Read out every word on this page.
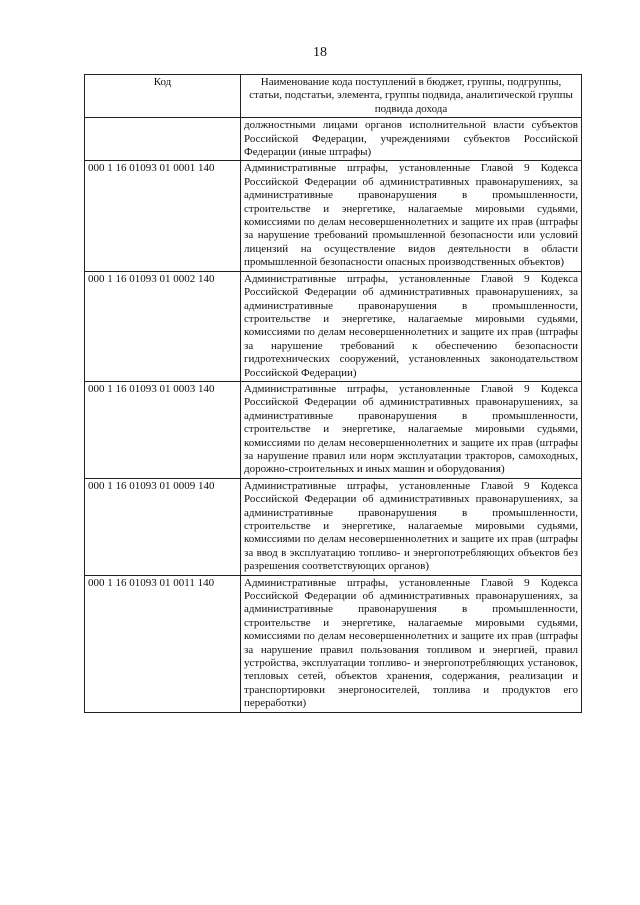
18
Код	Наименование кода поступлений в бюджет, группы, подгруппы, статьи, подстатьи, элемента, группы подвида, аналитической группы подвида дохода
	должностными лицами органов исполнительной власти субъектов Российской Федерации, учреждениями субъектов Российской Федерации (иные штрафы)
000 1 16 01093 01 0001 140	Административные штрафы, установленные Главой 9 Кодекса Российской Федерации об административных правонарушениях, за административные правонарушения в промышленности, строительстве и энергетике, налагаемые мировыми судьями, комиссиями по делам несовершеннолетних и защите их прав (штрафы за нарушение требований промышленной безопасности или условий лицензий на осуществление видов деятельности в области промышленной безопасности опасных производственных объектов)
000 1 16 01093 01 0002 140	Административные штрафы, установленные Главой 9 Кодекса Российской Федерации об административных правонарушениях, за административные правонарушения в промышленности, строительстве и энергетике, налагаемые мировыми судьями, комиссиями по делам несовершеннолетних и защите их прав (штрафы за нарушение требований к обеспечению безопасности гидротехнических сооружений, установленных законодательством Российской Федерации)
000 1 16 01093 01 0003 140	Административные штрафы, установленные Главой 9 Кодекса Российской Федерации об административных правонарушениях, за административные правонарушения в промышленности, строительстве и энергетике, налагаемые мировыми судьями, комиссиями по делам несовершеннолетних и защите их прав (штрафы за нарушение правил или норм эксплуатации тракторов, самоходных, дорожно-строительных и иных машин и оборудования)
000 1 16 01093 01 0009 140	Административные штрафы, установленные Главой 9 Кодекса Российской Федерации об административных правонарушениях, за административные правонарушения в промышленности, строительстве и энергетике, налагаемые мировыми судьями, комиссиями по делам несовершеннолетних и защите их прав (штрафы за ввод в эксплуатацию топливо- и энергопотребляющих объектов без разрешения соответствующих органов)
000 1 16 01093 01 0011 140	Административные штрафы, установленные Главой 9 Кодекса Российской Федерации об административных правонарушениях, за административные правонарушения в промышленности, строительстве и энергетике, налагаемые мировыми судьями, комиссиями по делам несовершеннолетних и защите их прав (штрафы за нарушение правил пользования топливом и энергией, правил устройства, эксплуатации топливо- и энергопотребляющих установок, тепловых сетей, объектов хранения, содержания, реализации и транспортировки энергоносителей, топлива и продуктов его переработки)
